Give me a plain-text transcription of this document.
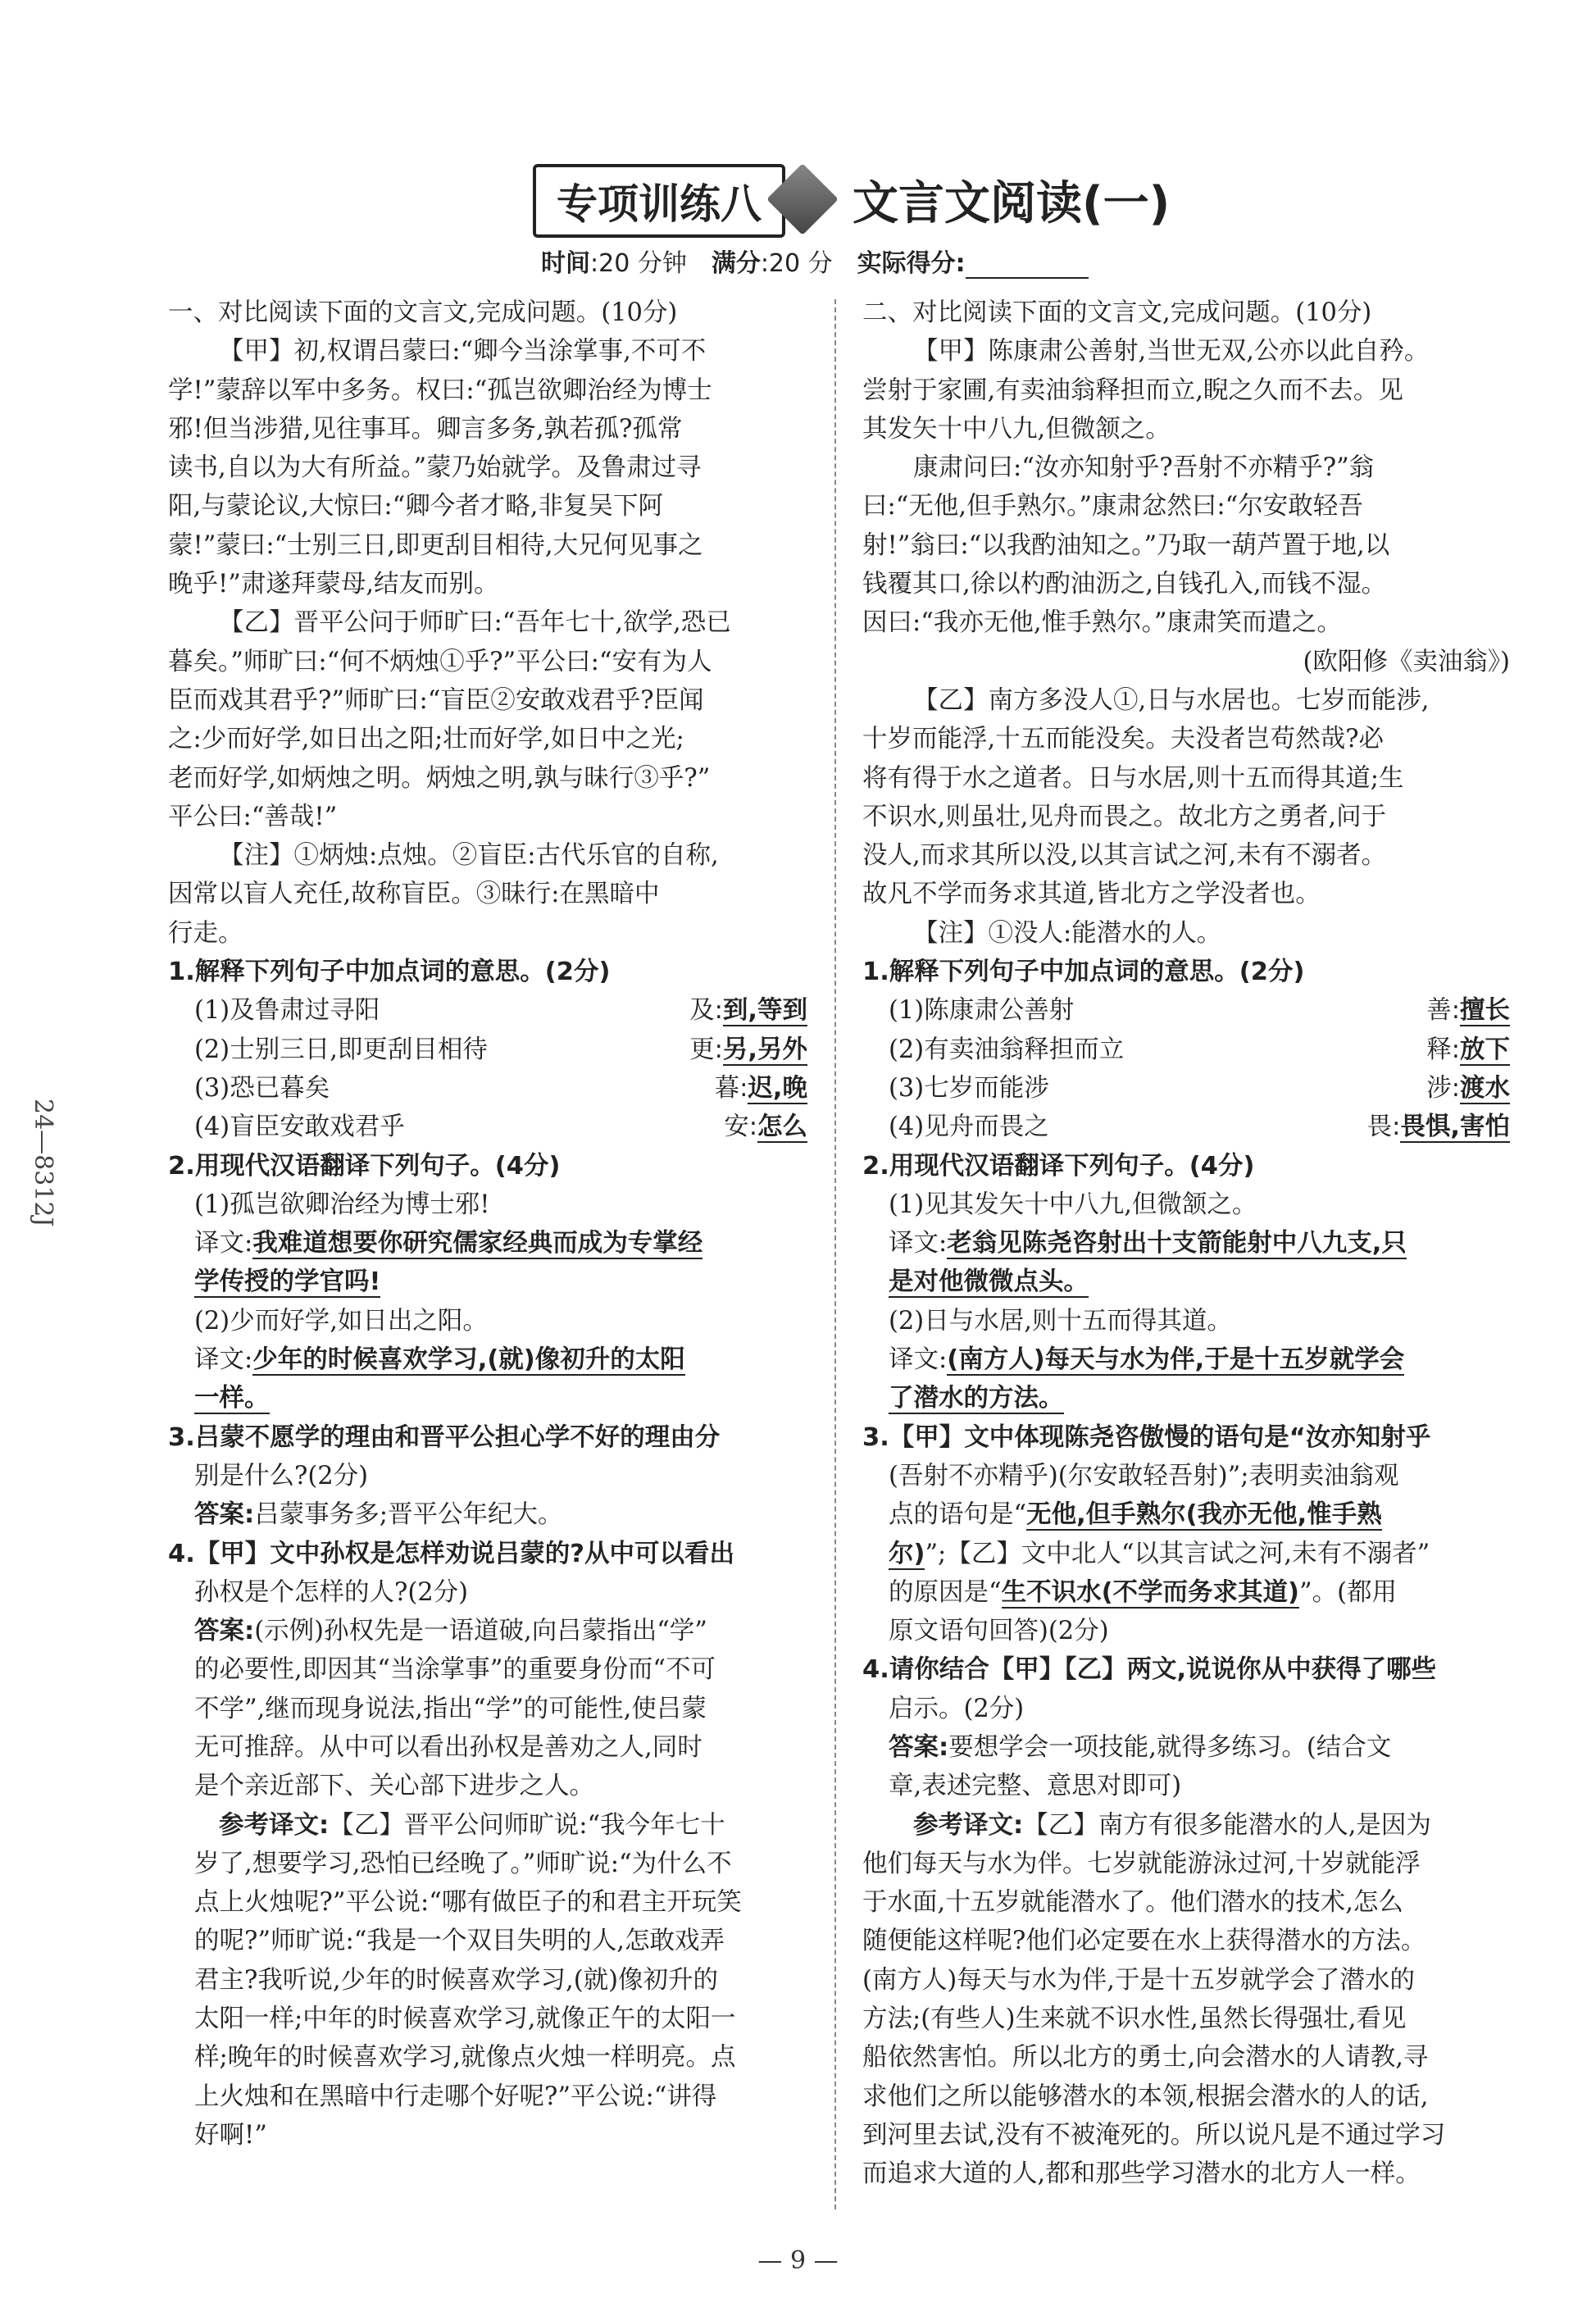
专项训练八	文言文阅读(一)
时间:20 分钟 满分:20 分 实际得分:
一、对比阅读下面的文言文,完成问题。(10分)
【甲】初,权谓吕蒙曰:“卿今当涂掌事,不可不
学!”蒙辞以军中多务。权曰:“孤岂欲卿治经为博士
邪!但当涉猎,见往事耳。卿言多务,孰若孤?孤常
读书,自以为大有所益。”蒙乃始就学。及鲁肃过寻
阳,与蒙论议,大惊曰:“卿今者才略,非复吴下阿
蒙!”蒙曰:“士别三日,即更刮目相待,大兄何见事之
晚乎!”肃遂拜蒙母,结友而别。
【乙】晋平公问于师旷曰:“吾年七十,欲学,恐已
暮矣。”师旷曰:“何不炳烛①乎?”平公曰:“安有为人
臣而戏其君乎?”师旷曰:“盲臣②安敢戏君乎?臣闻
之:少而好学,如日出之阳;壮而好学,如日中之光;
老而好学,如炳烛之明。炳烛之明,孰与昧行③乎?”
平公曰:“善哉!”
【注】①炳烛:点烛。②盲臣:古代乐官的自称,
因常以盲人充任,故称盲臣。③昧行:在黑暗中
行走。
1.解释下列句子中加点词的意思。(2分)
(1)及鲁肃过寻阳	及:到,等到
(2)士别三日,即更刮目相待	更:另,另外
(3)恐已暮矣	暮:迟,晚
(4)盲臣安敢戏君乎	安:怎么
2.用现代汉语翻译下列句子。(4分)
(1)孤岂欲卿治经为博士邪!
译文:我难道想要你研究儒家经典而成为专掌经
学传授的学官吗!
(2)少而好学,如日出之阳。
译文:少年的时候喜欢学习,(就)像初升的太阳
一样。
3.吕蒙不愿学的理由和晋平公担心学不好的理由分
别是什么?(2分)
答案:吕蒙事务多;晋平公年纪大。
4.【甲】文中孙权是怎样劝说吕蒙的?从中可以看出
孙权是个怎样的人?(2分)
答案:(示例)孙权先是一语道破,向吕蒙指出“学”
的必要性,即因其“当涂掌事”的重要身份而“不可
不学”,继而现身说法,指出“学”的可能性,使吕蒙
无可推辞。从中可以看出孙权是善劝之人,同时
是个亲近部下、关心部下进步之人。
参考译文:【乙】晋平公问师旷说:“我今年七十
岁了,想要学习,恐怕已经晚了。”师旷说:“为什么不
点上火烛呢?”平公说:“哪有做臣子的和君主开玩笑
的呢?”师旷说:“我是一个双目失明的人,怎敢戏弄
君主?我听说,少年的时候喜欢学习,(就)像初升的
太阳一样;中年的时候喜欢学习,就像正午的太阳一
样;晚年的时候喜欢学习,就像点火烛一样明亮。点
上火烛和在黑暗中行走哪个好呢?”平公说:“讲得
好啊!”
二、对比阅读下面的文言文,完成问题。(10分)
【甲】陈康肃公善射,当世无双,公亦以此自矜。
尝射于家圃,有卖油翁释担而立,睨之久而不去。见
其发矢十中八九,但微颔之。
康肃问曰:“汝亦知射乎?吾射不亦精乎?”翁
曰:“无他,但手熟尔。”康肃忿然曰:“尔安敢轻吾
射!”翁曰:“以我酌油知之。”乃取一葫芦置于地,以
钱覆其口,徐以杓酌油沥之,自钱孔入,而钱不湿。
因曰:“我亦无他,惟手熟尔。”康肃笑而遣之。
(欧阳修《卖油翁》)
【乙】南方多没人①,日与水居也。七岁而能涉,
十岁而能浮,十五而能没矣。夫没者岂苟然哉?必
将有得于水之道者。日与水居,则十五而得其道;生
不识水,则虽壮,见舟而畏之。故北方之勇者,问于
没人,而求其所以没,以其言试之河,未有不溺者。
故凡不学而务求其道,皆北方之学没者也。
【注】①没人:能潜水的人。
1.解释下列句子中加点词的意思。(2分)
(1)陈康肃公善射	善:擅长
(2)有卖油翁释担而立	释:放下
(3)七岁而能涉	涉:渡水
(4)见舟而畏之	畏:畏惧,害怕
2.用现代汉语翻译下列句子。(4分)
(1)见其发矢十中八九,但微颔之。
译文:老翁见陈尧咨射出十支箭能射中八九支,只
是对他微微点头。
(2)日与水居,则十五而得其道。
译文:(南方人)每天与水为伴,于是十五岁就学会
了潜水的方法。
3.【甲】文中体现陈尧咨傲慢的语句是“汝亦知射乎
(吾射不亦精乎)(尔安敢轻吾射)”;表明卖油翁观
点的语句是“无他,但手熟尔(我亦无他,惟手熟
尔)”;【乙】文中北人“以其言试之河,未有不溺者”
的原因是“生不识水(不学而务求其道)”。(都用
原文语句回答)(2分)
4.请你结合【甲】【乙】两文,说说你从中获得了哪些
启示。(2分)
答案:要想学会一项技能,就得多练习。(结合文
章,表述完整、意思对即可)
参考译文:【乙】南方有很多能潜水的人,是因为
他们每天与水为伴。七岁就能游泳过河,十岁就能浮
于水面,十五岁就能潜水了。他们潜水的技术,怎么
随便能这样呢?他们必定要在水上获得潜水的方法。
(南方人)每天与水为伴,于是十五岁就学会了潜水的
方法;(有些人)生来就不识水性,虽然长得强壮,看见
船依然害怕。所以北方的勇士,向会潜水的人请教,寻
求他们之所以能够潜水的本领,根据会潜水的人的话,
到河里去试,没有不被淹死的。所以说凡是不通过学习
而追求大道的人,都和那些学习潜水的北方人一样。
24—8312J
— 9 —
